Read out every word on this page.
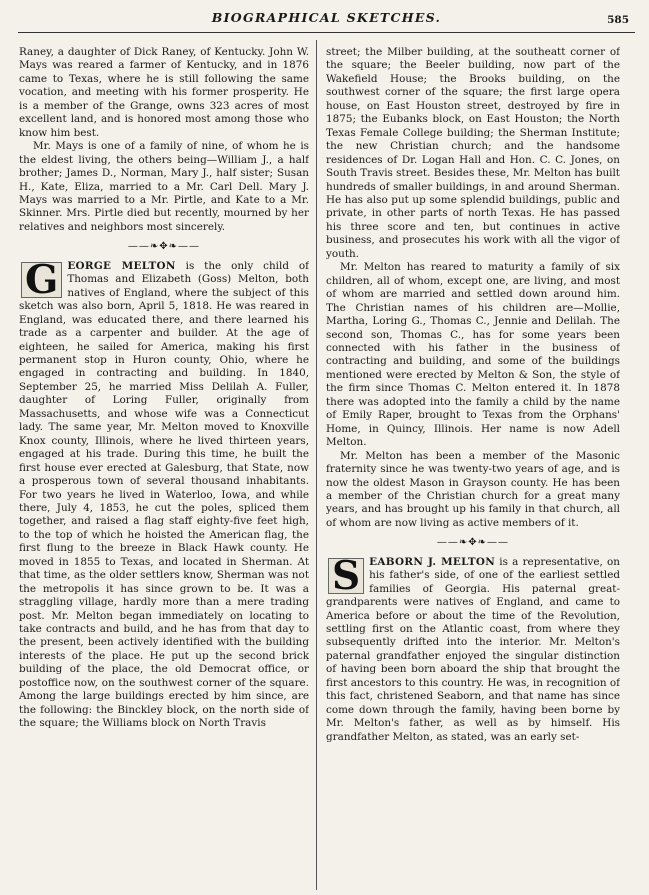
BIOGRAPHICAL SKETCHES.	585

Raney, a daughter of Dick Raney, of Kentucky. John W. Mays was reared a farmer of Kentucky, and in 1876 came to Texas, where he is still following the same vocation, and meeting with his former prosperity. He is a member of the Grange, owns 323 acres of most excellent land, and is honored most among those who know him best.

Mr. Mays is one of a family of nine, of whom he is the eldest living, the others being—William J., a half brother; James D., Norman, Mary J., half sister; Susan H., Kate, Eliza, married to a Mr. Carl Dell. Mary J. Mays was married to a Mr. Pirtle, and Kate to a Mr. Skinner. Mrs. Pirtle died but recently, mourned by her relatives and neighbors most sincerely.

——❧✥❧——

G EORGE MELTON is the only child of Thomas and Elizabeth (Goss) Melton, both natives of England, where the subject of this sketch was also born, April 5, 1818. He was reared in England, was educated there, and there learned his trade as a carpenter and builder. At the age of eighteen, he sailed for America, making his first permanent stop in Huron county, Ohio, where he engaged in contracting and building. In 1840, September 25, he married Miss Delilah A. Fuller, daughter of Loring Fuller, originally from Massachusetts, and whose wife was a Connecticut lady. The same year, Mr. Melton moved to Knoxville Knox county, Illinois, where he lived thirteen years, engaged at his trade. During this time, he built the first house ever erected at Galesburg, that State, now a prosperous town of several thousand inhabitants. For two years he lived in Waterloo, Iowa, and while there, July 4, 1853, he cut the poles, spliced them together, and raised a flag staff eighty-five feet high, to the top of which he hoisted the American flag, the first flung to the breeze in Black Hawk county. He moved in 1855 to Texas, and located in Sherman. At that time, as the older settlers know, Sherman was not the metropolis it has since grown to be. It was a straggling village, hardly more than a mere trading post. Mr. Melton began immediately on locating to take contracts and build, and he has from that day to the present, been actively identified with the building interests of the place. He put up the second brick building of the place, the old Democrat office, or postoffice now, on the southwest corner of the square. Among the large buildings erected by him since, are the following: the Binckley block, on the north side of the square; the Williams block on North Travis

street; the Milber building, at the southeatt corner of the square; the Beeler building, now part of the Wakefield House; the Brooks building, on the southwest corner of the square; the first large opera house, on East Houston street, destroyed by fire in 1875; the Eubanks block, on East Houston; the North Texas Female College building; the Sherman Institute; the new Christian church; and the handsome residences of Dr. Logan Hall and Hon. C. C. Jones, on South Travis street. Besides these, Mr. Melton has built hundreds of smaller buildings, in and around Sherman. He has also put up some splendid buildings, public and private, in other parts of north Texas. He has passed his three score and ten, but continues in active business, and prosecutes his work with all the vigor of youth.

Mr. Melton has reared to maturity a family of six children, all of whom, except one, are living, and most of whom are married and settled down around him. The Christian names of his children are—Mollie, Martha, Loring G., Thomas C., Jennie and Delilah. The second son, Thomas C., has for some years been connected with his father in the business of contracting and building, and some of the buildings mentioned were erected by Melton & Son, the style of the firm since Thomas C. Melton entered it. In 1878 there was adopted into the family a child by the name of Emily Raper, brought to Texas from the Orphans' Home, in Quincy, Illinois. Her name is now Adell Melton.

Mr. Melton has been a member of the Masonic fraternity since he was twenty-two years of age, and is now the oldest Mason in Grayson county. He has been a member of the Christian church for a great many years, and has brought up his family in that church, all of whom are now living as active members of it.

——❧✥❧——

S EABORN J. MELTON is a representative, on his father's side, of one of the earliest settled families of Georgia. His paternal great-grandparents were natives of England, and came to America before or about the time of the Revolution, settling first on the Atlantic coast, from where they subsequently drifted into the interior. Mr. Melton's paternal grandfather enjoyed the singular distinction of having been born aboard the ship that brought the first ancestors to this country. He was, in recognition of this fact, christened Seaborn, and that name has since come down through the family, having been borne by Mr. Melton's father, as well as by himself. His grandfather Melton, as stated, was an early set-
